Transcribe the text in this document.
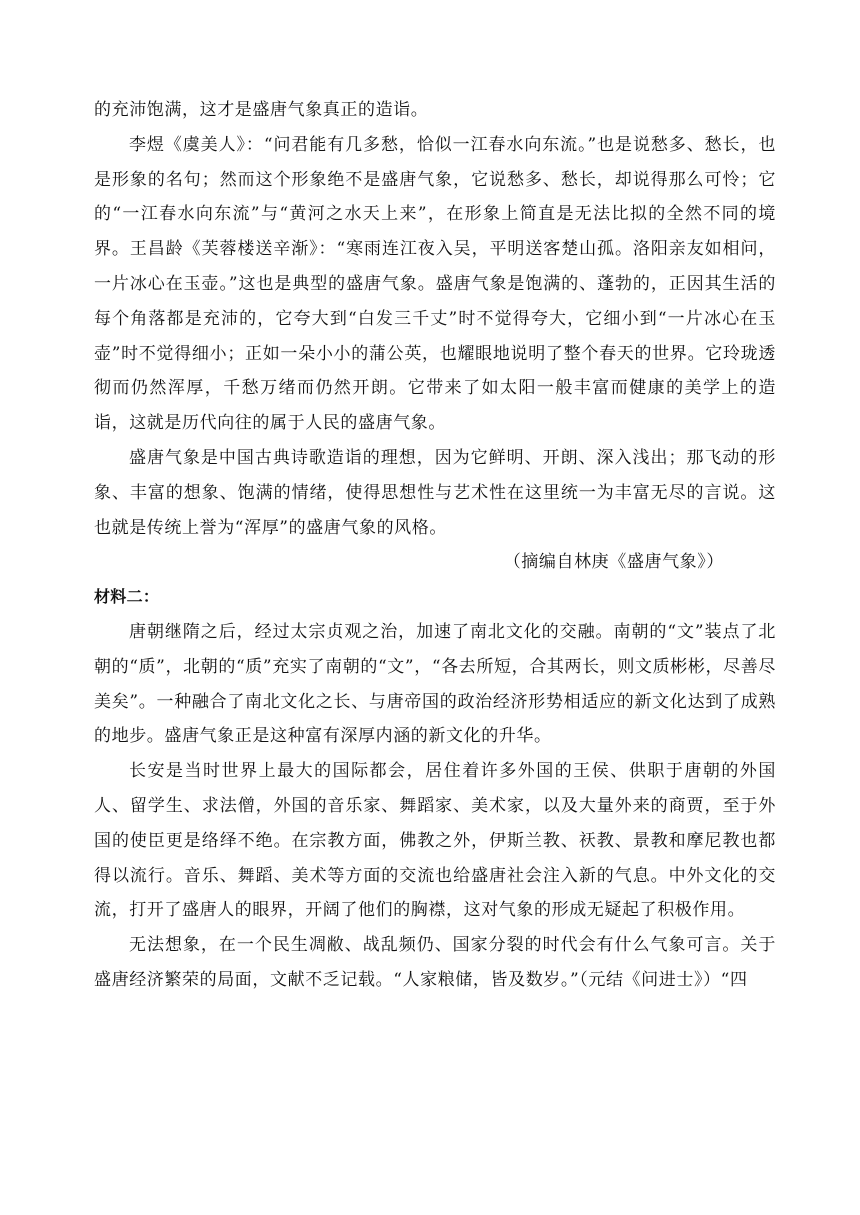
的充沛饱满，这才是盛唐气象真正的造诣。

李煜《虞美人》：“问君能有几多愁，恰似一江春水向东流。”也是说愁多、愁长，也是形象的名句；然而这个形象绝不是盛唐气象，它说愁多、愁长，却说得那么可怜；它的“一江春水向东流”与“黄河之水天上来”，在形象上简直是无法比拟的全然不同的境界。王昌龄《芙蓉楼送辛渐》：“寒雨连江夜入吴，平明送客楚山孤。洛阳亲友如相问，一片冰心在玉壶。”这也是典型的盛唐气象。盛唐气象是饱满的、蓬勃的，正因其生活的每个角落都是充沛的，它夸大到“白发三千丈”时不觉得夸大，它细小到“一片冰心在玉壶”时不觉得细小；正如一朵小小的蒲公英，也耀眼地说明了整个春天的世界。它玲珑透彻而仍然浑厚，千愁万绪而仍然开朗。它带来了如太阳一般丰富而健康的美学上的造诣，这就是历代向往的属于人民的盛唐气象。

盛唐气象是中国古典诗歌造诣的理想，因为它鲜明、开朗、深入浅出；那飞动的形象、丰富的想象、饱满的情绪，使得思想性与艺术性在这里统一为丰富无尽的言说。这也就是传统上誉为“浑厚”的盛唐气象的风格。

（摘编自林庚《盛唐气象》）

材料二：

唐朝继隋之后，经过太宗贞观之治，加速了南北文化的交融。南朝的“文”装点了北朝的“质”，北朝的“质”充实了南朝的“文”，“各去所短，合其两长，则文质彬彬，尽善尽美矣”。一种融合了南北文化之长、与唐帝国的政治经济形势相适应的新文化达到了成熟的地步。盛唐气象正是这种富有深厚内涵的新文化的升华。

长安是当时世界上最大的国际都会，居住着许多外国的王侯、供职于唐朝的外国人、留学生、求法僧，外国的音乐家、舞蹈家、美术家，以及大量外来的商贾，至于外国的使臣更是络绎不绝。在宗教方面，佛教之外，伊斯兰教、祆教、景教和摩尼教也都得以流行。音乐、舞蹈、美术等方面的交流也给盛唐社会注入新的气息。中外文化的交流，打开了盛唐人的眼界，开阔了他们的胸襟，这对气象的形成无疑起了积极作用。

无法想象，在一个民生凋敝、战乱频仍、国家分裂的时代会有什么气象可言。关于盛唐经济繁荣的局面，文献不乏记载。“人家粮储，皆及数岁。”（元结《问进士》）“四
